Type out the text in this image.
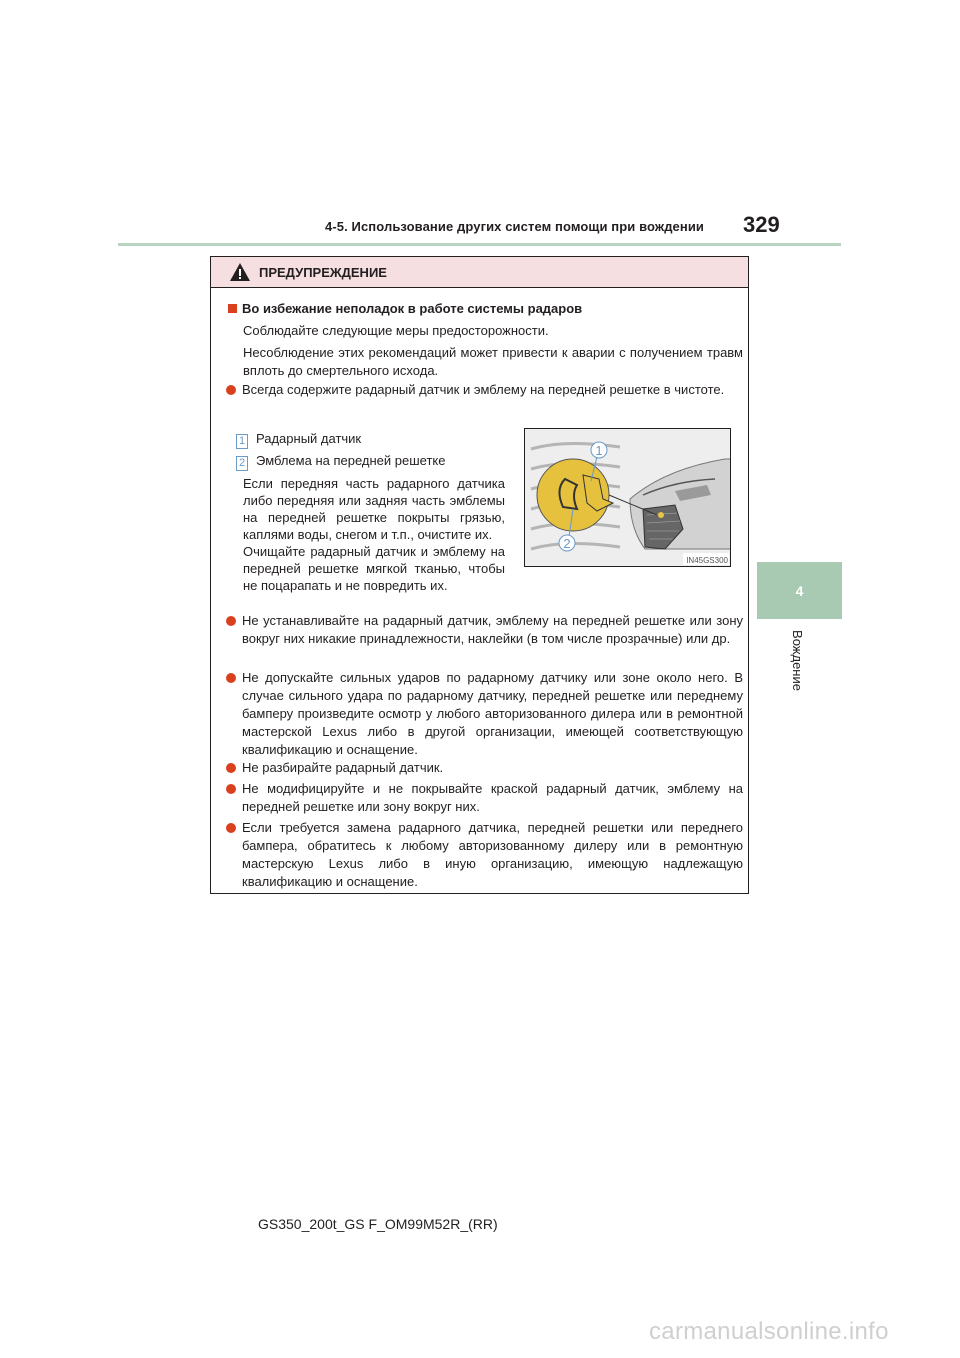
4-5. Использование других систем помощи при вождении 329
4
Вождение
ПРЕДУПРЕЖДЕНИЕ
Во избежание неполадок в работе системы радаров
Соблюдайте следующие меры предосторожности.
Несоблюдение этих рекомендаций может привести к аварии с получением травм вплоть до смертельного исхода.
Всегда содержите радарный датчик и эмблему на передней решетке в чистоте.
1 Радарный датчик
2 Эмблема на передней решетке

Если передняя часть радарного датчика либо передняя или задняя часть эмблемы на передней решетке покрыты грязью, каплями воды, снегом и т.п., очистите их.

Очищайте радарный датчик и эмблему на передней решетке мягкой тканью, чтобы не поцарапать и не повредить их.

1
2
IN45GS300
Не устанавливайте на радарный датчик, эмблему на передней решетке или зону вокруг них никакие принадлежности, наклейки (в том числе прозрачные) или др.
Не допускайте сильных ударов по радарному датчику или зоне около него. В случае сильного удара по радарному датчику, передней решетке или переднему бамперу произведите осмотр у любого авторизованного дилера или в ремонтной мастерской Lexus либо в другой организации, имеющей соответствующую квалификацию и оснащение.
Не разбирайте радарный датчик.
Не модифицируйте и не покрывайте краской радарный датчик, эмблему на передней решетке или зону вокруг них.
Если требуется замена радарного датчика, передней решетки или переднего бампера, обратитесь к любому авторизованному дилеру или в ремонтную мастерскую Lexus либо в иную организацию, имеющую надлежащую квалификацию и оснащение.
GS350_200t_GS F_OM99M52R_(RR)
carmanualsonline.info
